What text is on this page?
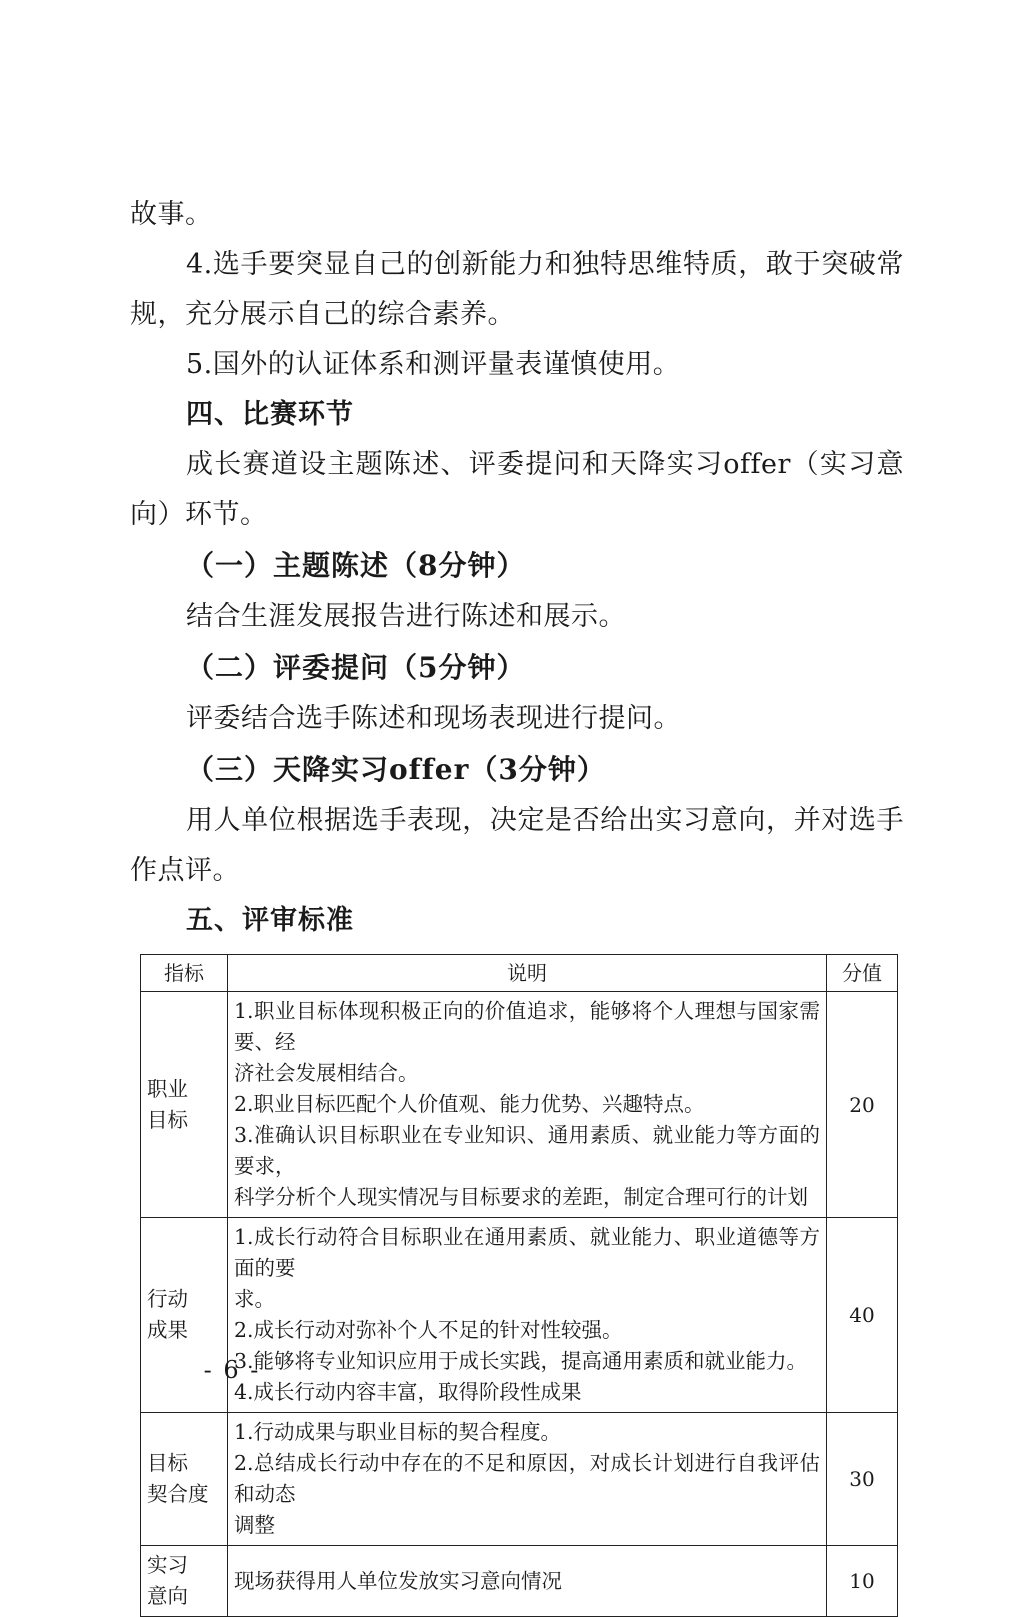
故事。

4.选手要突显自己的创新能力和独特思维特质，敢于突破常规，充分展示自己的综合素养。

5.国外的认证体系和测评量表谨慎使用。

四、比赛环节

成长赛道设主题陈述、评委提问和天降实习offer（实习意向）环节。

（一）主题陈述（8分钟）

结合生涯发展报告进行陈述和展示。

（二）评委提问（5分钟）

评委结合选手陈述和现场表现进行提问。

（三）天降实习offer（3分钟）

用人单位根据选手表现，决定是否给出实习意向，并对选手作点评。

五、评审标准

指标	说明	分值

职业
目标	1.职业目标体现积极正向的价值追求，能够将个人理想与国家需要、经
济社会发展相结合。
2.职业目标匹配个人价值观、能力优势、兴趣特点。
3.准确认识目标职业在专业知识、通用素质、就业能力等方面的要求，
科学分析个人现实情况与目标要求的差距，制定合理可行的计划	20

行动
成果	1.成长行动符合目标职业在通用素质、就业能力、职业道德等方面的要
求。
2.成长行动对弥补个人不足的针对性较强。
3.能够将专业知识应用于成长实践，提高通用素质和就业能力。
4.成长行动内容丰富，取得阶段性成果	40

目标
契合度	1.行动成果与职业目标的契合程度。
2.总结成长行动中存在的不足和原因，对成长计划进行自我评估和动态
调整	30

实习
意向	现场获得用人单位发放实习意向情况	10
- 6 -
